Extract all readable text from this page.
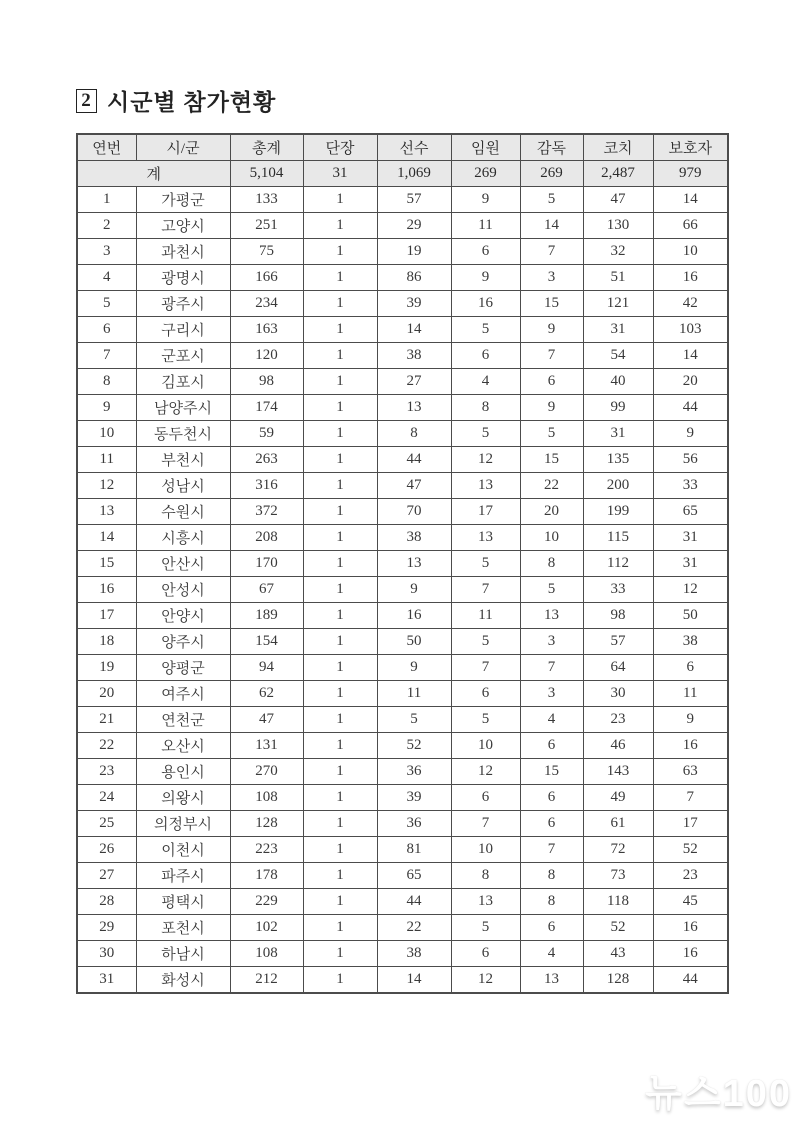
2 시군별 참가현황
연번	시/군	총계	단장	선수	임원	감독	코치	보호자
계		5,104	31	1,069	269	269	2,487	979
1	가평군	133	1	57	9	5	47	14
2	고양시	251	1	29	11	14	130	66
3	과천시	75	1	19	6	7	32	10
4	광명시	166	1	86	9	3	51	16
5	광주시	234	1	39	16	15	121	42
6	구리시	163	1	14	5	9	31	103
7	군포시	120	1	38	6	7	54	14
8	김포시	98	1	27	4	6	40	20
9	남양주시	174	1	13	8	9	99	44
10	동두천시	59	1	8	5	5	31	9
11	부천시	263	1	44	12	15	135	56
12	성남시	316	1	47	13	22	200	33
13	수원시	372	1	70	17	20	199	65
14	시흥시	208	1	38	13	10	115	31
15	안산시	170	1	13	5	8	112	31
16	안성시	67	1	9	7	5	33	12
17	안양시	189	1	16	11	13	98	50
18	양주시	154	1	50	5	3	57	38
19	양평군	94	1	9	7	7	64	6
20	여주시	62	1	11	6	3	30	11
21	연천군	47	1	5	5	4	23	9
22	오산시	131	1	52	10	6	46	16
23	용인시	270	1	36	12	15	143	63
24	의왕시	108	1	39	6	6	49	7
25	의정부시	128	1	36	7	6	61	17
26	이천시	223	1	81	10	7	72	52
27	파주시	178	1	65	8	8	73	23
28	평택시	229	1	44	13	8	118	45
29	포천시	102	1	22	5	6	52	16
30	하남시	108	1	38	6	4	43	16
31	화성시	212	1	14	12	13	128	44
뉴스100
